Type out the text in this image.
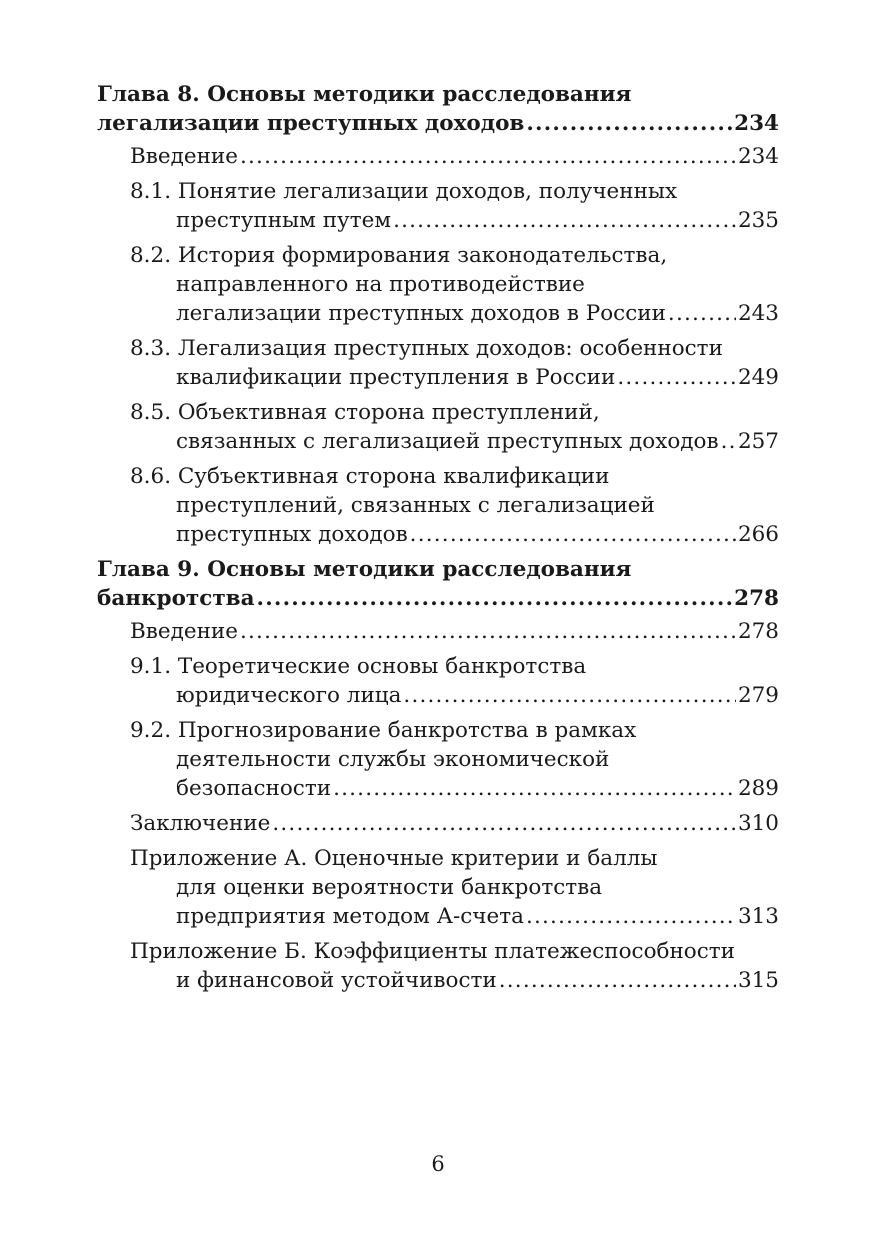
Глава 8. Основы методики расследования
легализации преступных доходов .....	234
Введение .....	234
8.1. Понятие легализации доходов, полученных
преступным путем .....	235
8.2. История формирования законодательства,
направленного на противодействие
легализации преступных доходов в России .....	243
8.3. Легализация преступных доходов: особенности
квалификации преступления в России .....	249
8.5. Объективная сторона преступлений,
связанных с легализацией преступных доходов ..... 257
8.6. Субъективная сторона квалификации
преступлений, связанных с легализацией
преступных доходов .....	266
Глава 9. Основы методики расследования
банкротства .....	278
Введение .....	278
9.1. Теоретические основы банкротства
юридического лица .....	279
9.2. Прогнозирование банкротства в рамках
деятельности службы экономической
безопасности .....	289
Заключение .....	310
Приложение А. Оценочные критерии и баллы
для оценки вероятности банкротства
предприятия методом А-счета .....	313
Приложение Б. Коэффициенты платежеспособности
и финансовой устойчивости .....	315
6
